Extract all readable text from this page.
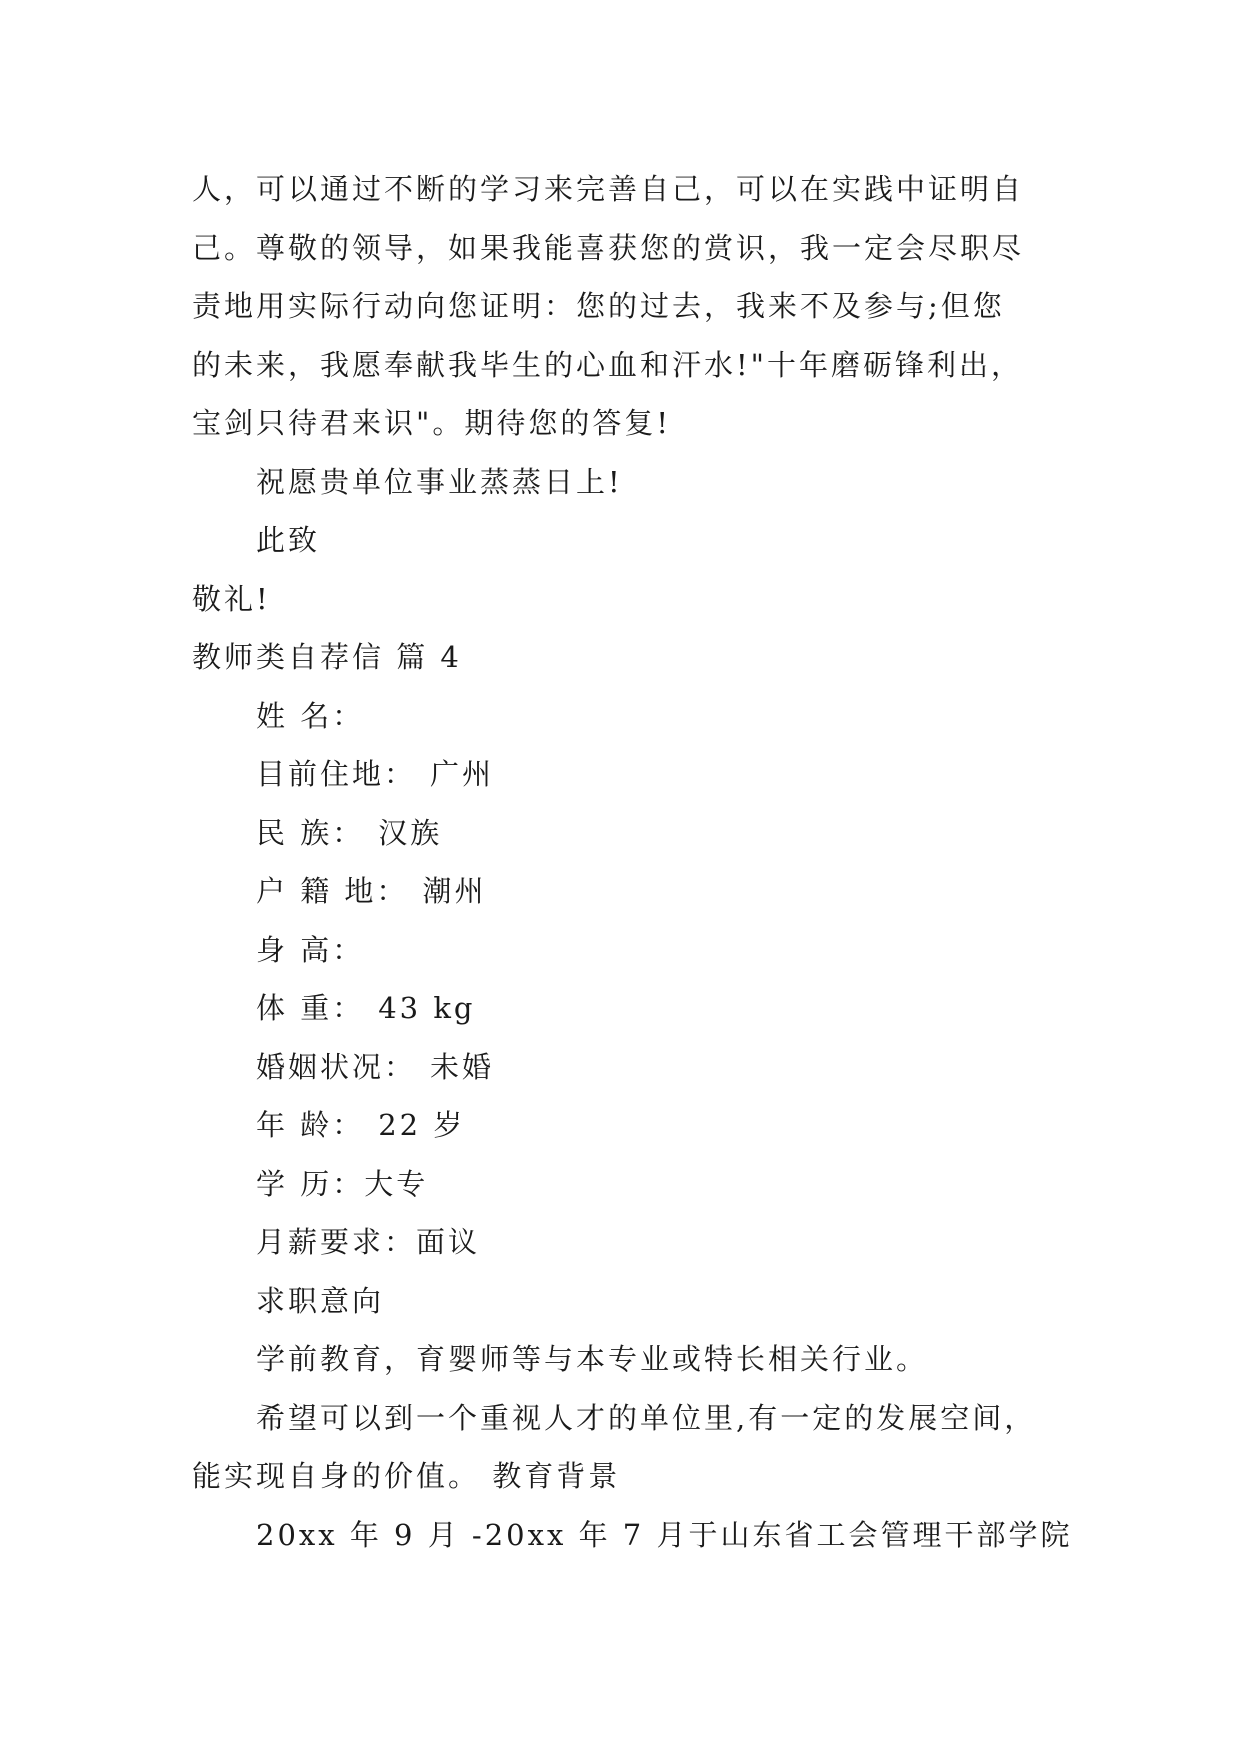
人，可以通过不断的学习来完善自己，可以在实践中证明自
己。尊敬的领导，如果我能喜获您的赏识，我一定会尽职尽
责地用实际行动向您证明：您的过去，我来不及参与;但您
的未来，我愿奉献我毕生的心血和汗水!"十年磨砺锋利出，
宝剑只待君来识"。期待您的答复!
祝愿贵单位事业蒸蒸日上!
此致
敬礼!
教师类自荐信 篇 4
姓 名：
目前住地： 广州
民 族： 汉族
户 籍 地： 潮州
身 高：
体 重： 43 kg
婚姻状况： 未婚
年 龄： 22 岁
学 历：大专
月薪要求：面议
求职意向
学前教育，育婴师等与本专业或特长相关行业。
希望可以到一个重视人才的单位里,有一定的发展空间，
能实现自身的价值。 教育背景
20xx 年 9 月 -20xx 年 7 月于山东省工会管理干部学院
